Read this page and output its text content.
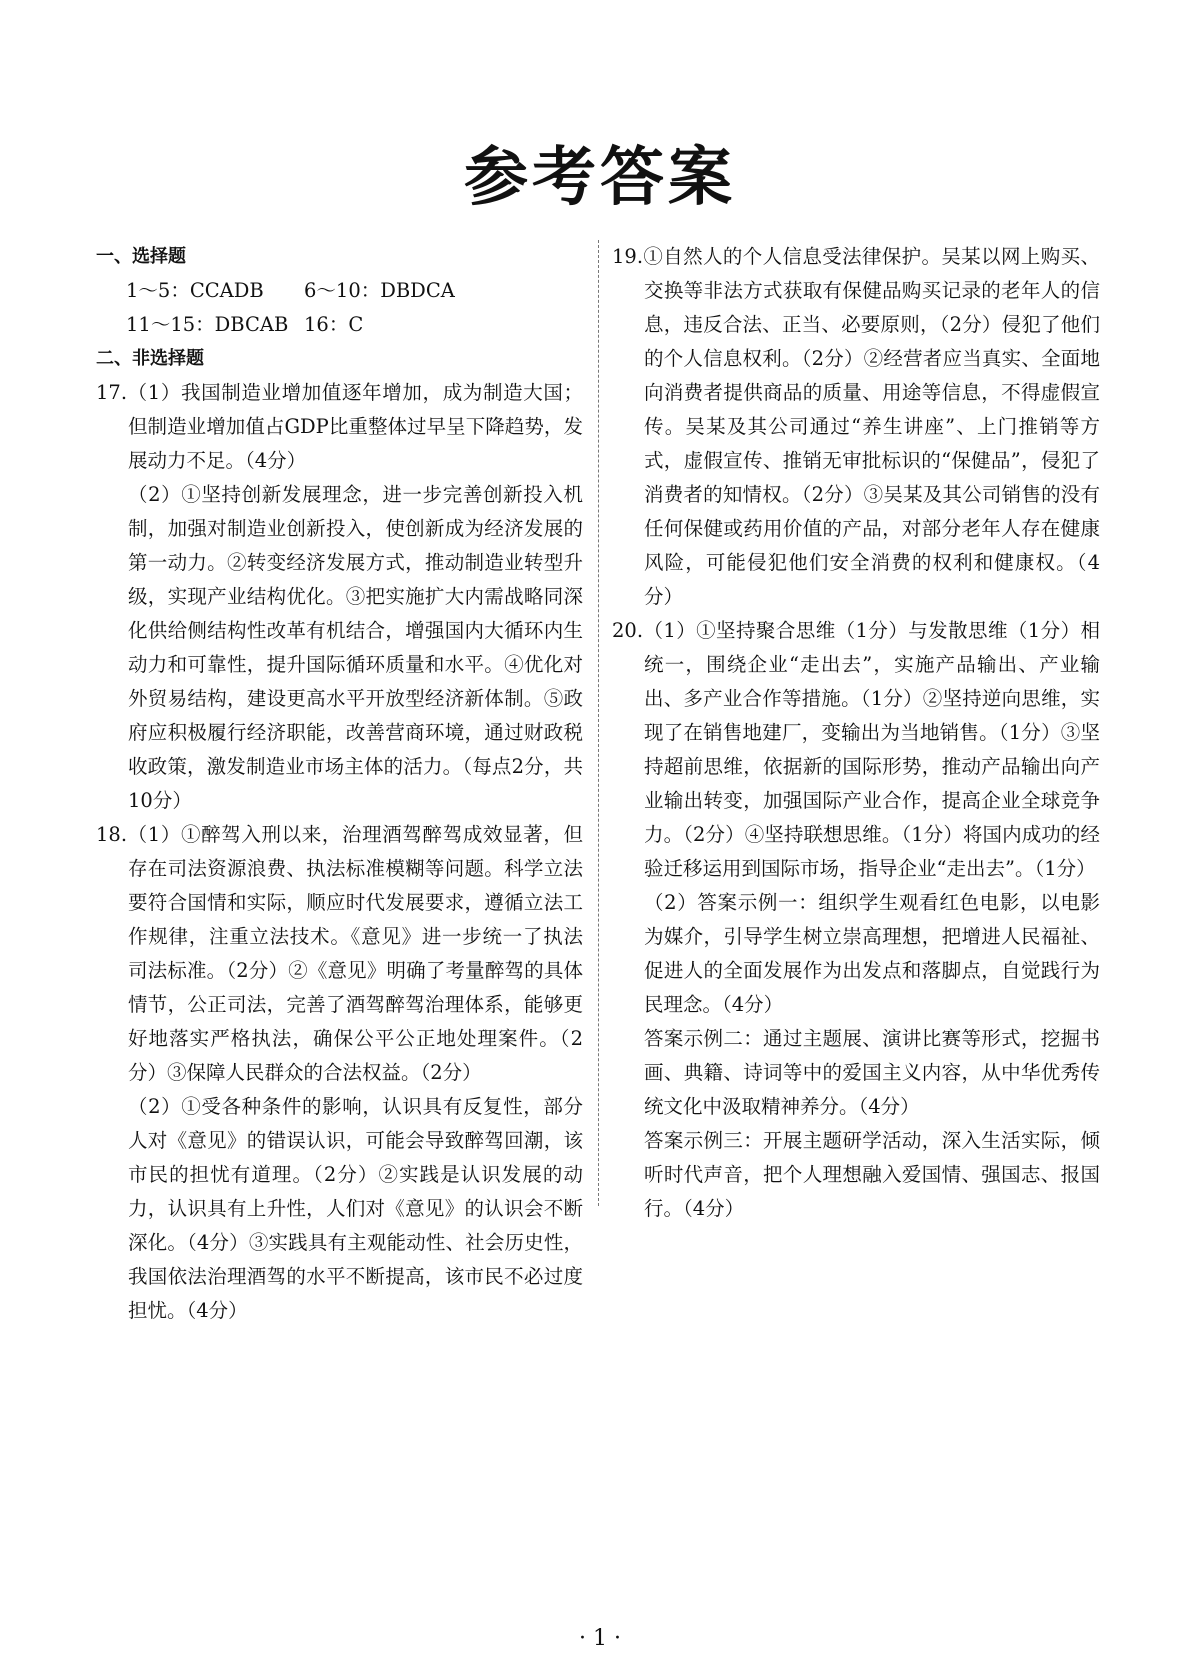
参考答案
一、选择题
1～5：CCADB 6～10：DBDCA
11～15：DBCAB 16：C
二、非选择题
17.（1）我国制造业增加值逐年增加，成为制造大国；但制造业增加值占GDP比重整体过早呈下降趋势，发展动力不足。（4分）
（2）①坚持创新发展理念，进一步完善创新投入机制，加强对制造业创新投入，使创新成为经济发展的第一动力。②转变经济发展方式，推动制造业转型升级，实现产业结构优化。③把实施扩大内需战略同深化供给侧结构性改革有机结合，增强国内大循环内生动力和可靠性，提升国际循环质量和水平。④优化对外贸易结构，建设更高水平开放型经济新体制。⑤政府应积极履行经济职能，改善营商环境，通过财政税收政策，激发制造业市场主体的活力。（每点2分，共10分）
18.（1）①醉驾入刑以来，治理酒驾醉驾成效显著，但存在司法资源浪费、执法标准模糊等问题。科学立法要符合国情和实际，顺应时代发展要求，遵循立法工作规律，注重立法技术。《意见》进一步统一了执法司法标准。（2分）②《意见》明确了考量醉驾的具体情节，公正司法，完善了酒驾醉驾治理体系，能够更好地落实严格执法，确保公平公正地处理案件。（2分）③保障人民群众的合法权益。（2分）
（2）①受各种条件的影响，认识具有反复性，部分人对《意见》的错误认识，可能会导致醉驾回潮，该市民的担忧有道理。（2分）②实践是认识发展的动力，认识具有上升性，人们对《意见》的认识会不断深化。（4分）③实践具有主观能动性、社会历史性，我国依法治理酒驾的水平不断提高，该市民不必过度担忧。（4分）
19.①自然人的个人信息受法律保护。吴某以网上购买、交换等非法方式获取有保健品购买记录的老年人的信息，违反合法、正当、必要原则，（2分）侵犯了他们的个人信息权利。（2分）②经营者应当真实、全面地向消费者提供商品的质量、用途等信息，不得虚假宣传。吴某及其公司通过“养生讲座”、上门推销等方式，虚假宣传、推销无审批标识的“保健品”，侵犯了消费者的知情权。（2分）③吴某及其公司销售的没有任何保健或药用价值的产品，对部分老年人存在健康风险，可能侵犯他们安全消费的权利和健康权。（4分）
20.（1）①坚持聚合思维（1分）与发散思维（1分）相统一，围绕企业“走出去”，实施产品输出、产业输出、多产业合作等措施。（1分）②坚持逆向思维，实现了在销售地建厂，变输出为当地销售。（1分）③坚持超前思维，依据新的国际形势，推动产品输出向产业输出转变，加强国际产业合作，提高企业全球竞争力。（2分）④坚持联想思维。（1分）将国内成功的经验迁移运用到国际市场，指导企业“走出去”。（1分）
（2）答案示例一：组织学生观看红色电影，以电影为媒介，引导学生树立崇高理想，把增进人民福祉、促进人的全面发展作为出发点和落脚点，自觉践行为民理念。（4分）
答案示例二：通过主题展、演讲比赛等形式，挖掘书画、典籍、诗词等中的爱国主义内容，从中华优秀传统文化中汲取精神养分。（4分）
答案示例三：开展主题研学活动，深入生活实际，倾听时代声音，把个人理想融入爱国情、强国志、报国行。（4分）
· 1 ·
